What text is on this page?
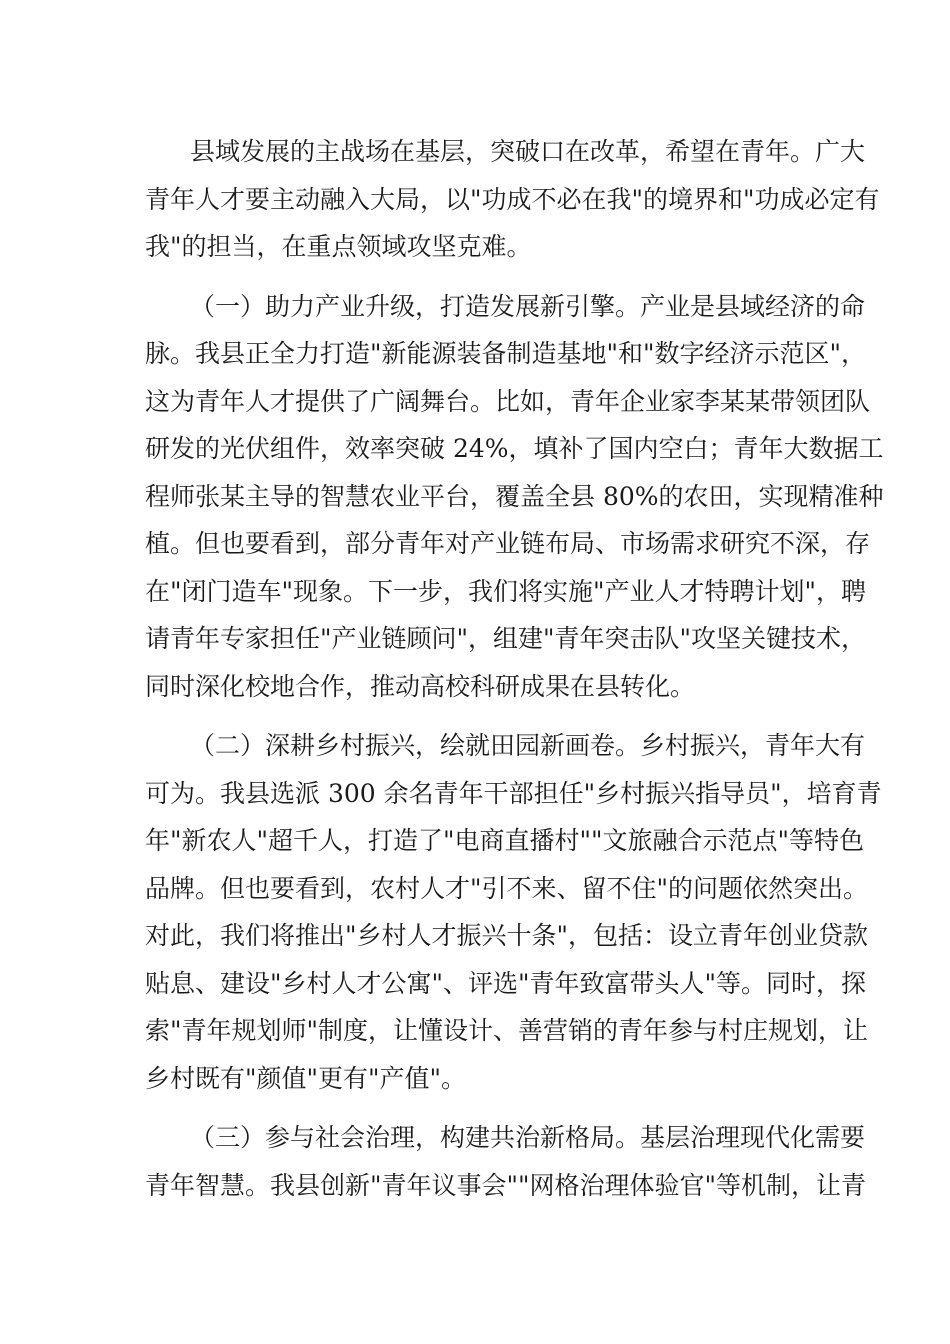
县域发展的主战场在基层，突破口在改革，希望在青年。广大
青年人才要主动融入大局，以"功成不必在我"的境界和"功成必定有
我"的担当，在重点领域攻坚克难。
（一）助力产业升级，打造发展新引擎。产业是县域经济的命
脉。我县正全力打造"新能源装备制造基地"和"数字经济示范区"，
这为青年人才提供了广阔舞台。比如，青年企业家李某某带领团队
研发的光伏组件，效率突破 24%，填补了国内空白；青年大数据工
程师张某主导的智慧农业平台，覆盖全县 80%的农田，实现精准种
植。但也要看到，部分青年对产业链布局、市场需求研究不深，存
在"闭门造车"现象。下一步，我们将实施"产业人才特聘计划"，聘
请青年专家担任"产业链顾问"，组建"青年突击队"攻坚关键技术，
同时深化校地合作，推动高校科研成果在县转化。
（二）深耕乡村振兴，绘就田园新画卷。乡村振兴，青年大有
可为。我县选派 300 余名青年干部担任"乡村振兴指导员"，培育青
年"新农人"超千人，打造了"电商直播村""文旅融合示范点"等特色
品牌。但也要看到，农村人才"引不来、留不住"的问题依然突出。
对此，我们将推出"乡村人才振兴十条"，包括：设立青年创业贷款
贴息、建设"乡村人才公寓"、评选"青年致富带头人"等。同时，探
索"青年规划师"制度，让懂设计、善营销的青年参与村庄规划，让
乡村既有"颜值"更有"产值"。
（三）参与社会治理，构建共治新格局。基层治理现代化需要
青年智慧。我县创新"青年议事会""网格治理体验官"等机制，让青
